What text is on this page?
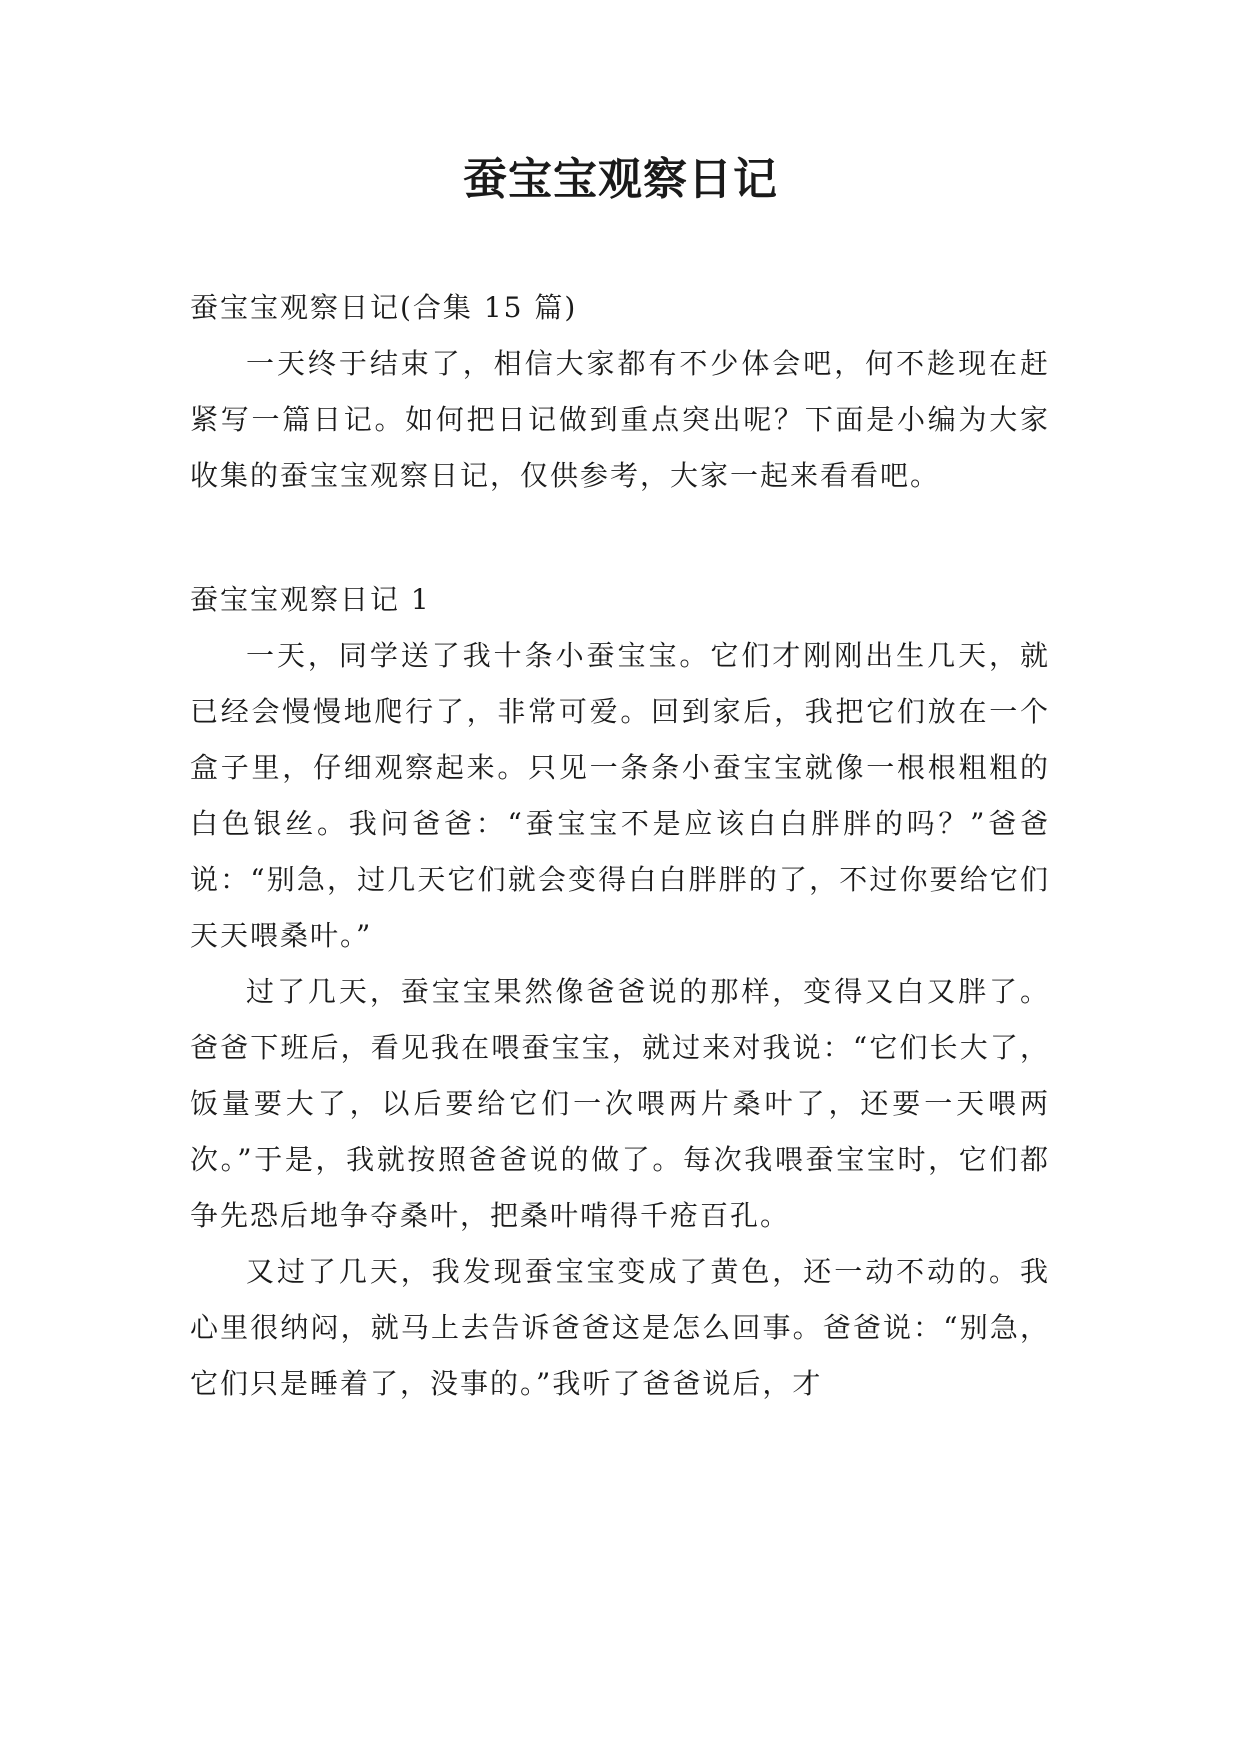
蚕宝宝观察日记

蚕宝宝观察日记(合集 15 篇)

一天终于结束了，相信大家都有不少体会吧，何不趁现在赶紧写一篇日记。如何把日记做到重点突出呢？下面是小编为大家收集的蚕宝宝观察日记，仅供参考，大家一起来看看吧。

蚕宝宝观察日记 1

一天，同学送了我十条小蚕宝宝。它们才刚刚出生几天，就已经会慢慢地爬行了，非常可爱。回到家后，我把它们放在一个盒子里，仔细观察起来。只见一条条小蚕宝宝就像一根根粗粗的白色银丝。我问爸爸：“蚕宝宝不是应该白白胖胖的吗？”爸爸说：“别急，过几天它们就会变得白白胖胖的了，不过你要给它们天天喂桑叶。”

过了几天，蚕宝宝果然像爸爸说的那样，变得又白又胖了。爸爸下班后，看见我在喂蚕宝宝，就过来对我说：“它们长大了，饭量要大了，以后要给它们一次喂两片桑叶了，还要一天喂两次。”于是，我就按照爸爸说的做了。每次我喂蚕宝宝时，它们都争先恐后地争夺桑叶，把桑叶啃得千疮百孔。

又过了几天，我发现蚕宝宝变成了黄色，还一动不动的。我心里很纳闷，就马上去告诉爸爸这是怎么回事。爸爸说：“别急，它们只是睡着了，没事的。”我听了爸爸说后，才
